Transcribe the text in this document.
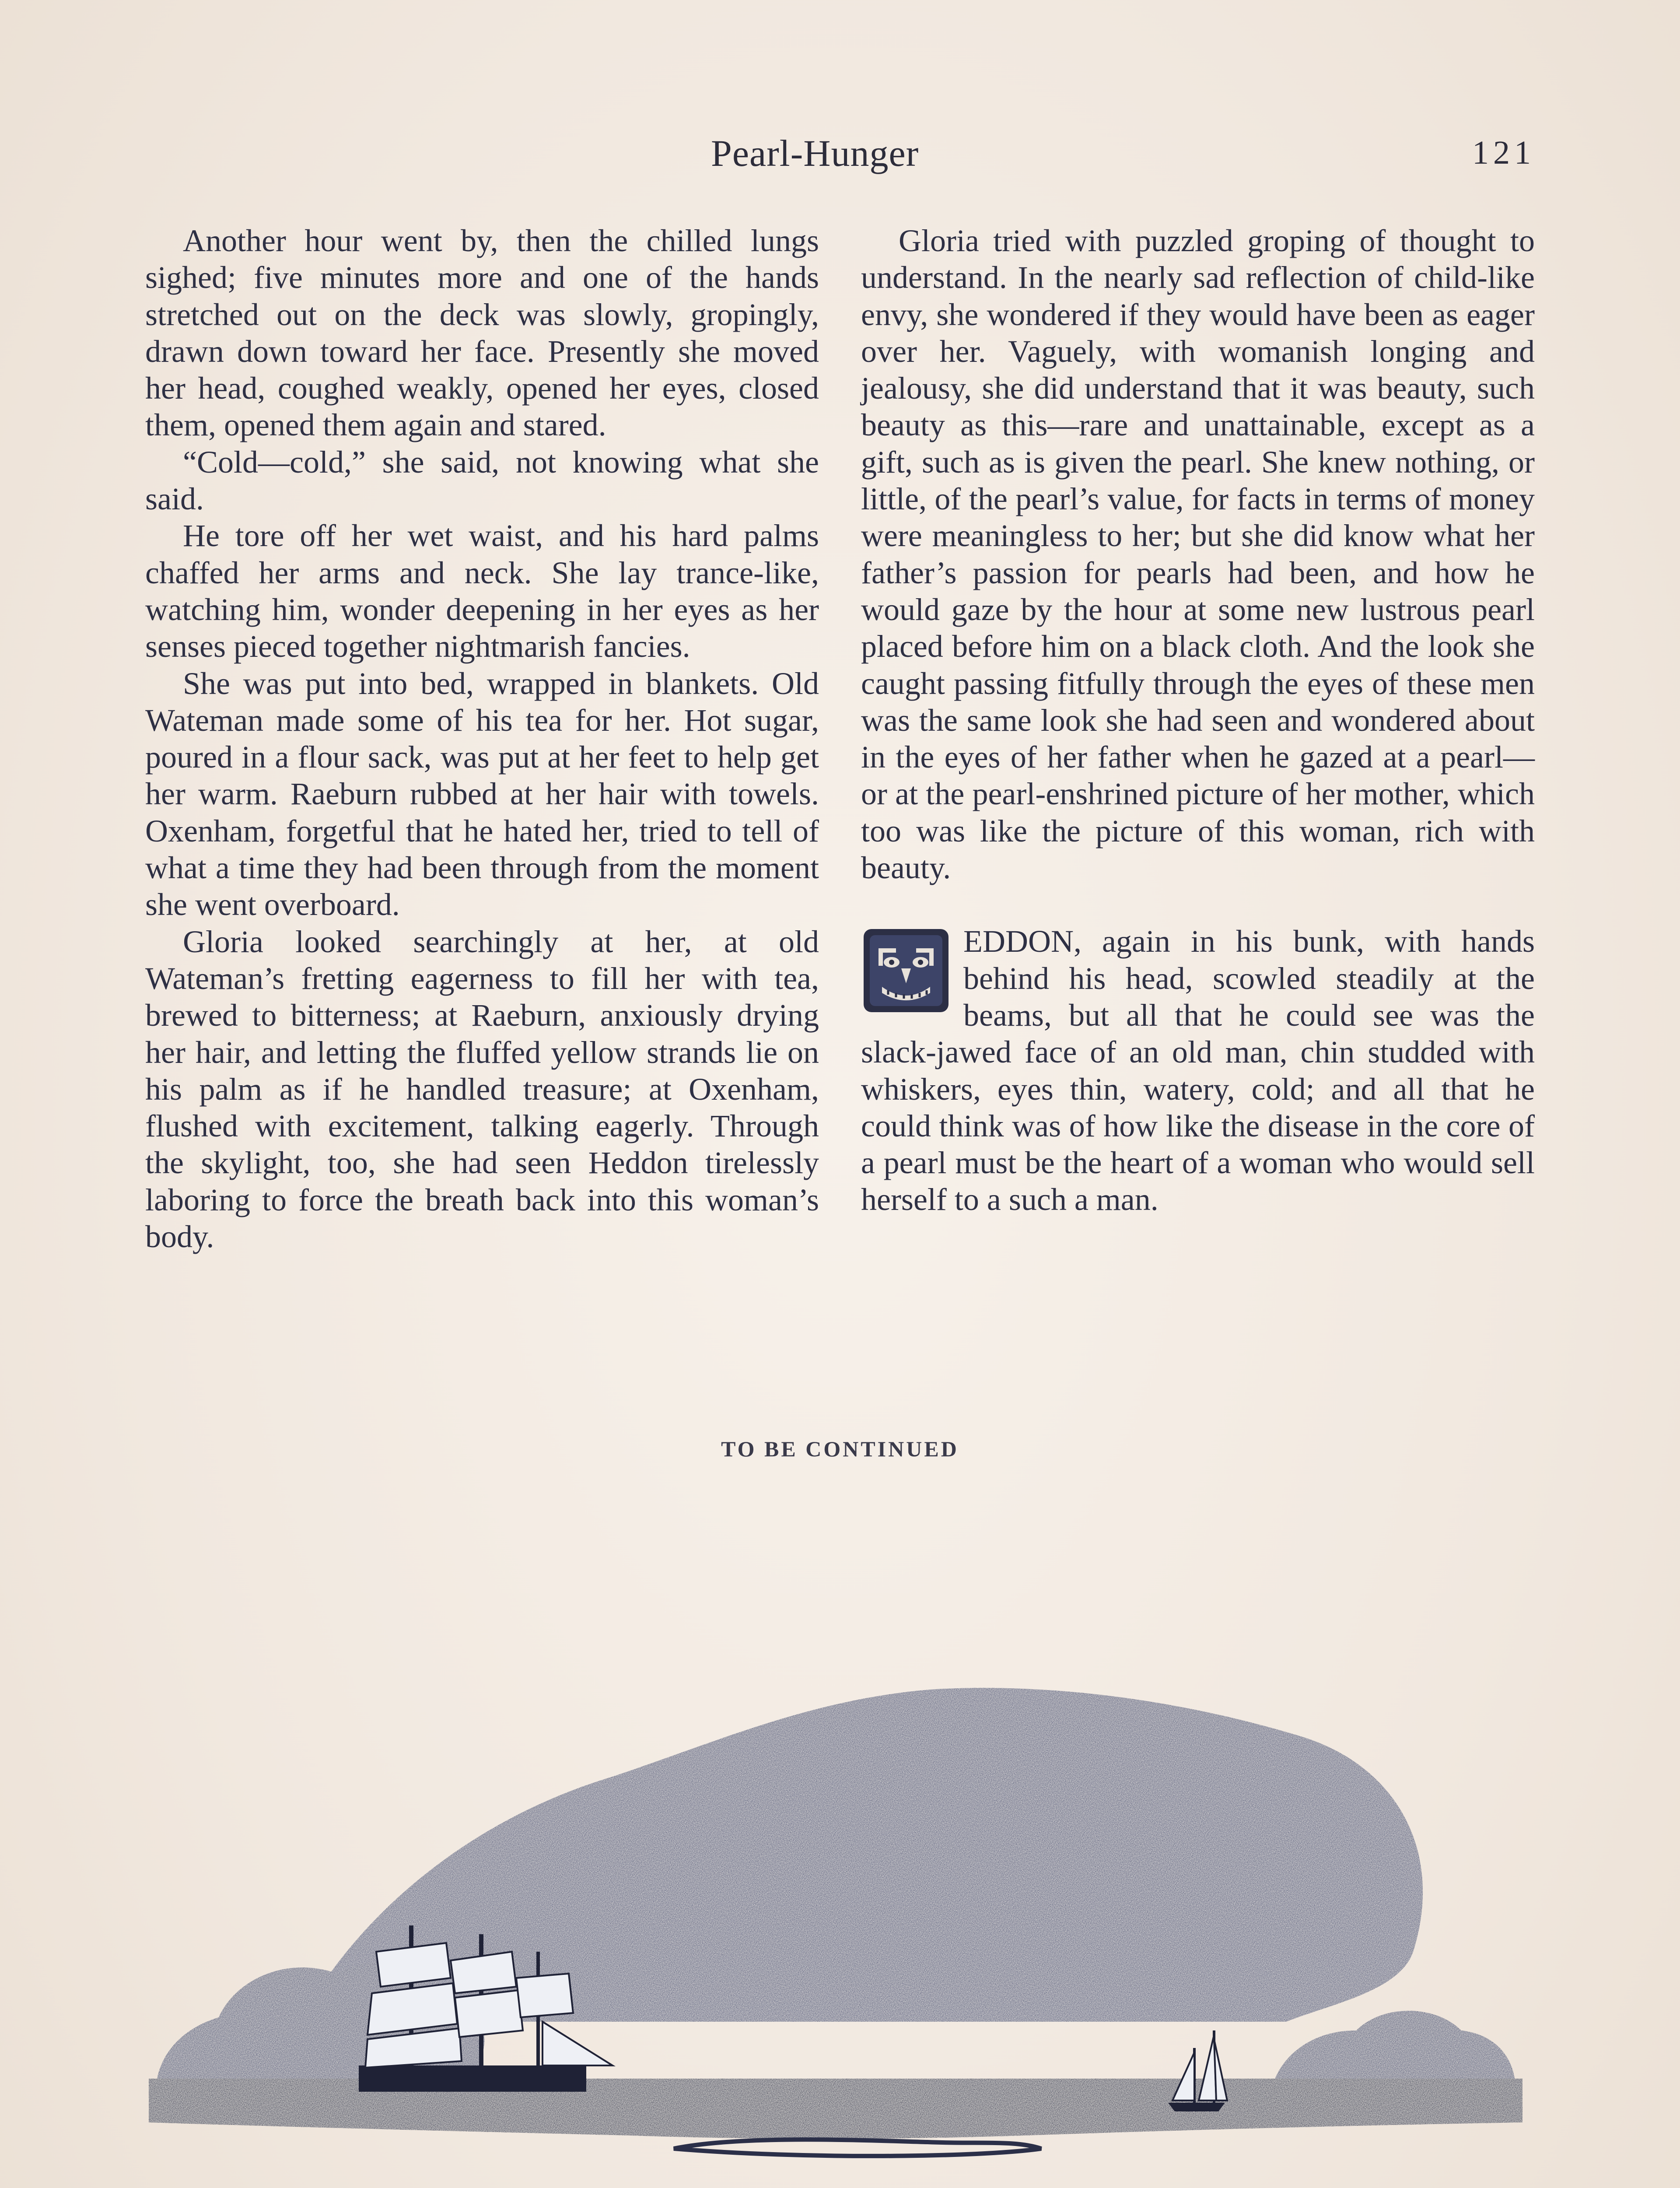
Pearl-Hunger	121

Another hour went by, then the chilled lungs sighed; five minutes more and one of the hands stretched out on the deck was slowly, gropingly, drawn down toward her face. Presently she moved her head, coughed weakly, opened her eyes, closed them, opened them again and stared.

“Cold—cold,” she said, not knowing what she said.

He tore off her wet waist, and his hard palms chaffed her arms and neck. She lay trance-like, watching him, wonder deepening in her eyes as her senses pieced together nightmarish fancies.

She was put into bed, wrapped in blankets. Old Wateman made some of his tea for her. Hot sugar, poured in a flour sack, was put at her feet to help get her warm. Raeburn rubbed at her hair with towels. Oxenham, forgetful that he hated her, tried to tell of what a time they had been through from the moment she went overboard.

Gloria looked searchingly at her, at old Wateman’s fretting eagerness to fill her with tea, brewed to bitterness; at Raeburn, anxiously drying her hair, and letting the fluffed yellow strands lie on his palm as if he handled treasure; at Oxenham, flushed with excitement, talking eagerly. Through the skylight, too, she had seen Heddon tirelessly laboring to force the breath back into this woman’s body.

Gloria tried with puzzled groping of thought to understand. In the nearly sad reflection of child-like envy, she wondered if they would have been as eager over her. Vaguely, with womanish longing and jealousy, she did understand that it was beauty, such beauty as this—rare and unattainable, except as a gift, such as is given the pearl. She knew nothing, or little, of the pearl’s value, for facts in terms of money were meaningless to her; but she did know what her father’s passion for pearls had been, and how he would gaze by the hour at some new lustrous pearl placed before him on a black cloth. And the look she caught passing fitfully through the eyes of these men was the same look she had seen and wondered about in the eyes of her father when he gazed at a pearl—or at the pearl-enshrined picture of her mother, which too was like the picture of this woman, rich with beauty.

EDDON, again in his bunk, with hands behind his head, scowled steadily at the beams, but all that he could see was the slack-jawed face of an old man, chin studded with whiskers, eyes thin, watery, cold; and all that he could think was of how like the disease in the core of a pearl must be the heart of a woman who would sell herself to a such a man.

TO BE CONTINUED
